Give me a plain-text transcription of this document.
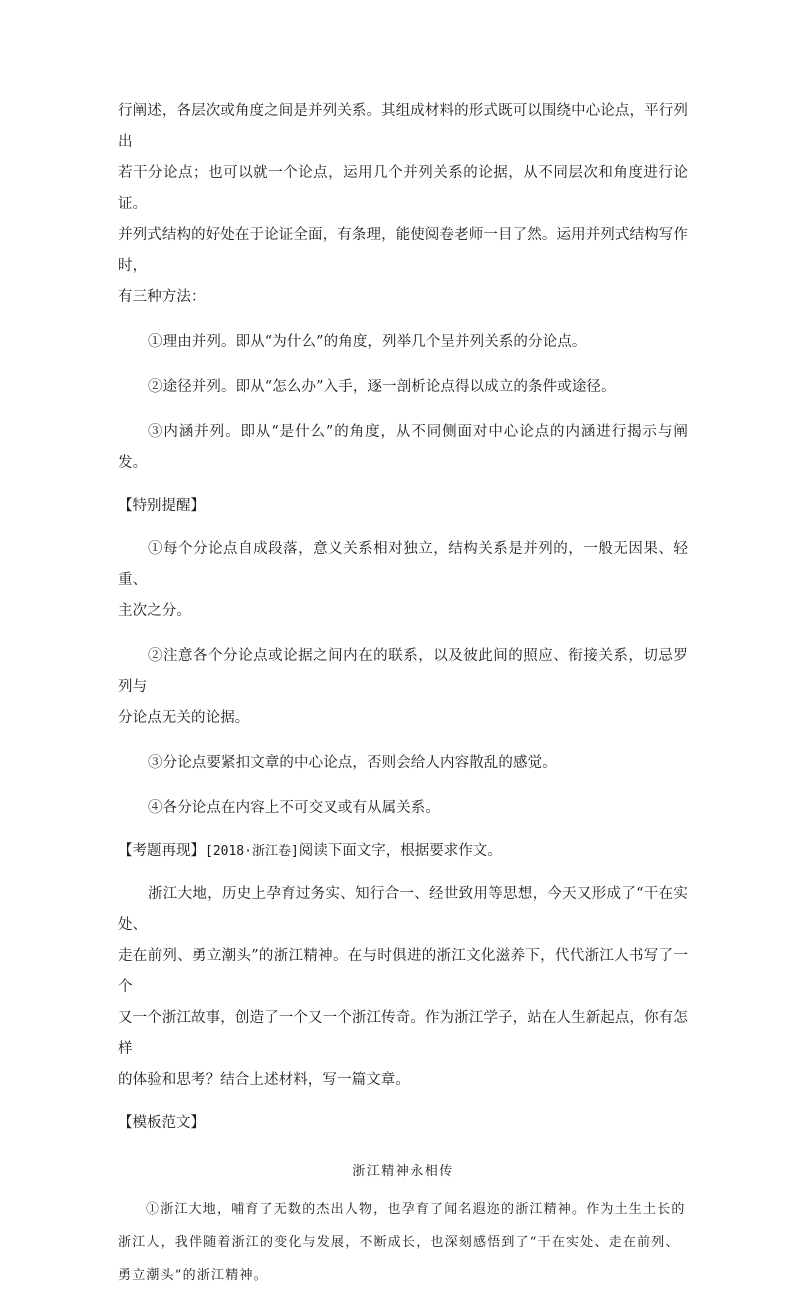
行阐述，各层次或角度之间是并列关系。其组成材料的形式既可以围绕中心论点，平行列出
若干分论点；也可以就一个论点，运用几个并列关系的论据，从不同层次和角度进行论证。
并列式结构的好处在于论证全面，有条理，能使阅卷老师一目了然。运用并列式结构写作时，
有三种方法：

①理由并列。即从“为什么”的角度，列举几个呈并列关系的分论点。

②途径并列。即从“怎么办”入手，逐一剖析论点得以成立的条件或途径。

③内涵并列。即从“是什么”的角度，从不同侧面对中心论点的内涵进行揭示与阐发。

【特别提醒】

①每个分论点自成段落，意义关系相对独立，结构关系是并列的，一般无因果、轻重、
主次之分。

②注意各个分论点或论据之间内在的联系，以及彼此间的照应、衔接关系，切忌罗列与
分论点无关的论据。

③分论点要紧扣文章的中心论点，否则会给人内容散乱的感觉。

④各分论点在内容上不可交叉或有从属关系。

【考题再现】[2018·浙江卷]阅读下面文字，根据要求作文。

浙江大地，历史上孕育过务实、知行合一、经世致用等思想，今天又形成了“干在实处、
走在前列、勇立潮头”的浙江精神。在与时俱进的浙江文化滋养下，代代浙江人书写了一个
又一个浙江故事，创造了一个又一个浙江传奇。作为浙江学子，站在人生新起点，你有怎样
的体验和思考？结合上述材料，写一篇文章。

【模板范文】

浙江精神永相传

①浙江大地，哺育了无数的杰出人物，也孕育了闻名遐迩的浙江精神。作为土生土长的
浙江人，我伴随着浙江的变化与发展，不断成长，也深刻感悟到了“干在实处、走在前列、
勇立潮头”的浙江精神。
